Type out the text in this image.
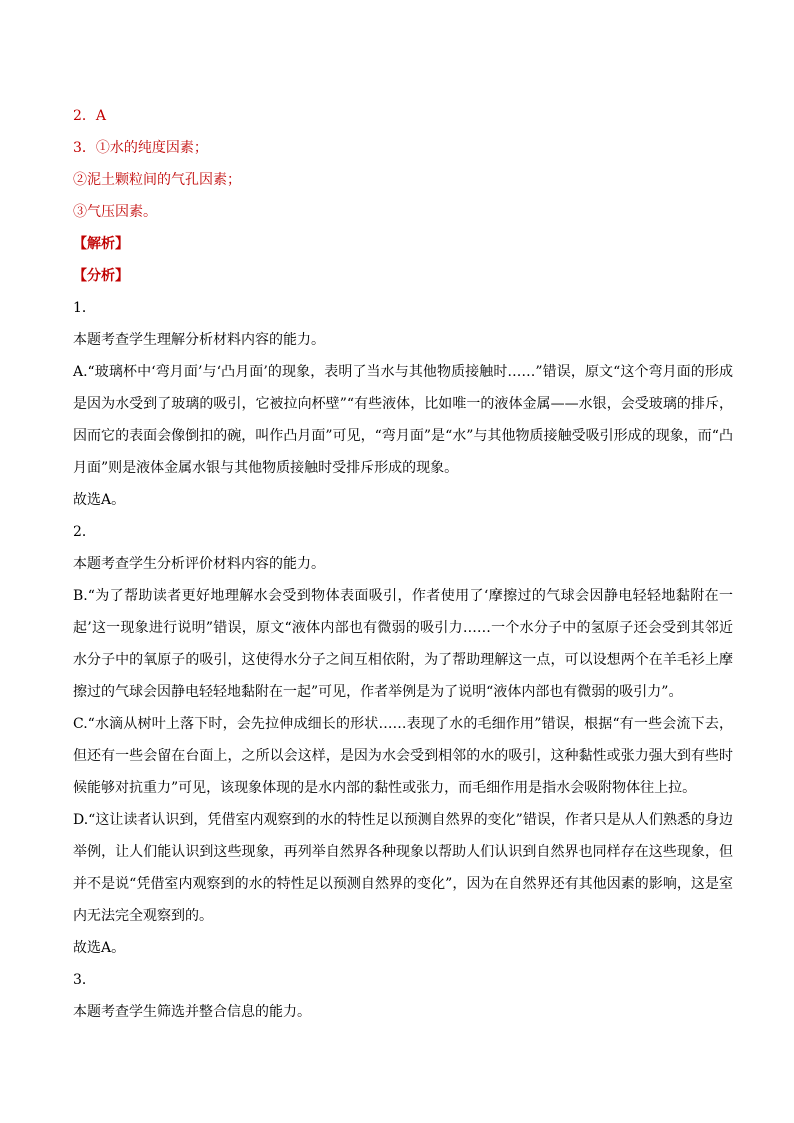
2．A
3．①水的纯度因素；
②泥土颗粒间的气孔因素；
③气压因素。
【解析】
【分析】
1．
本题考查学生理解分析材料内容的能力。
A.“玻璃杯中‘弯月面’与‘凸月面’的现象，表明了当水与其他物质接触时……”错误，原文“这个弯月面的形成是因为水受到了玻璃的吸引，它被拉向杯壁”“有些液体，比如唯一的液体金属——水银，会受玻璃的排斥，因而它的表面会像倒扣的碗，叫作凸月面”可见，“弯月面”是“水”与其他物质接触受吸引形成的现象，而“凸月面”则是液体金属水银与其他物质接触时受排斥形成的现象。
故选A。
2．
本题考查学生分析评价材料内容的能力。
B.“为了帮助读者更好地理解水会受到物体表面吸引，作者使用了‘摩擦过的气球会因静电轻轻地黏附在一起’这一现象进行说明”错误，原文“液体内部也有微弱的吸引力……一个水分子中的氢原子还会受到其邻近水分子中的氧原子的吸引，这使得水分子之间互相依附，为了帮助理解这一点，可以设想两个在羊毛衫上摩擦过的气球会因静电轻轻地黏附在一起”可见，作者举例是为了说明“液体内部也有微弱的吸引力”。
C.“水滴从树叶上落下时，会先拉伸成细长的形状……表现了水的毛细作用”错误，根据“有一些会流下去，但还有一些会留在台面上，之所以会这样，是因为水会受到相邻的水的吸引，这种黏性或张力强大到有些时候能够对抗重力”可见，该现象体现的是水内部的黏性或张力，而毛细作用是指水会吸附物体往上拉。
D.“这让读者认识到，凭借室内观察到的水的特性足以预测自然界的变化”错误，作者只是从人们熟悉的身边举例，让人们能认识到这些现象，再列举自然界各种现象以帮助人们认识到自然界也同样存在这些现象，但并不是说“凭借室内观察到的水的特性足以预测自然界的变化”，因为在自然界还有其他因素的影响，这是室内无法完全观察到的。
故选A。
3．
本题考查学生筛选并整合信息的能力。
